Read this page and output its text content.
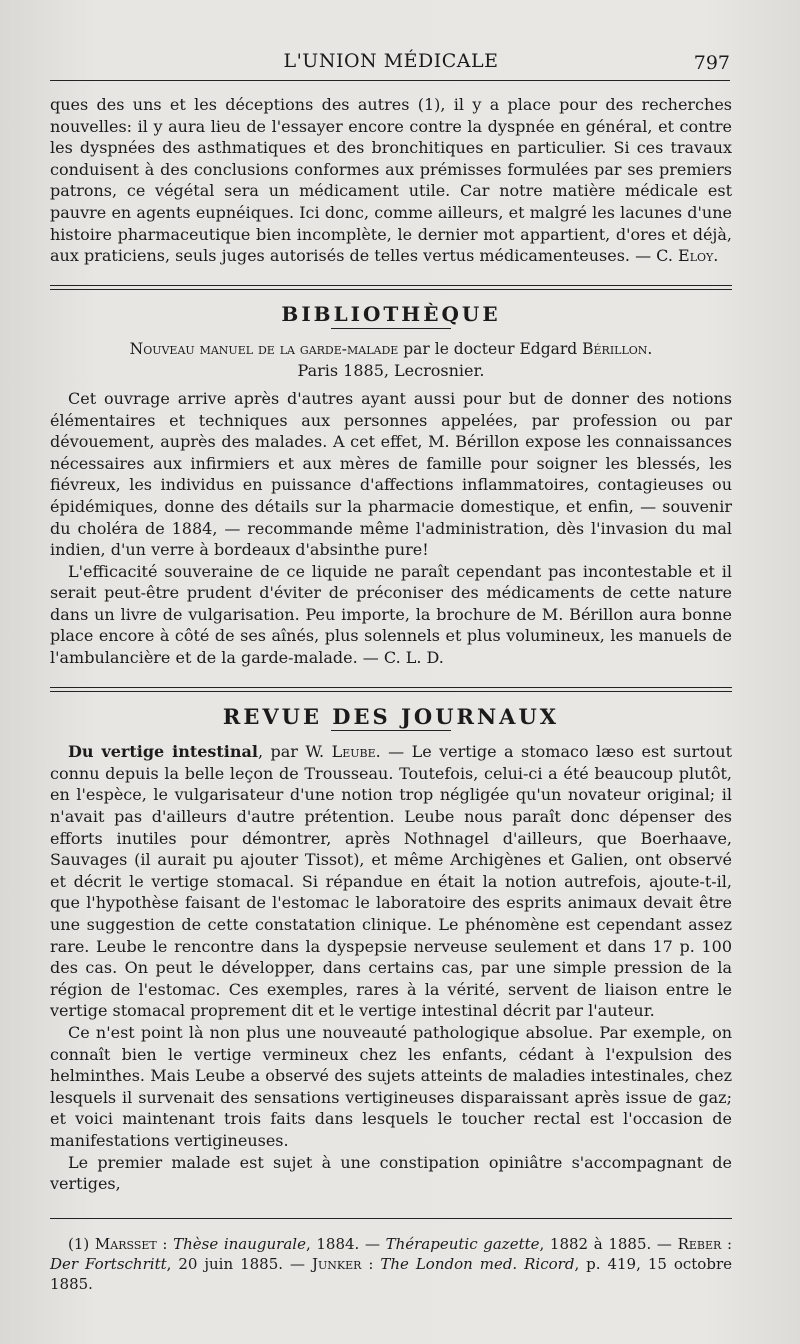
L'UNION MÉDICALE	797

ques des uns et les déceptions des autres (1), il y a place pour des recherches nouvelles: il y aura lieu de l'essayer encore contre la dyspnée en général, et contre les dyspnées des asthmatiques et des bronchitiques en particulier. Si ces travaux conduisent à des conclusions conformes aux prémisses formulées par ses premiers patrons, ce végétal sera un médicament utile. Car notre matière médicale est pauvre en agents eupnéiques. Ici donc, comme ailleurs, et malgré les lacunes d'une histoire pharmaceutique bien incomplète, le dernier mot appartient, d'ores et déjà, aux praticiens, seuls juges autorisés de telles vertus médicamenteuses. — C. Eloy.

BIBLIOTHÈQUE
Nouveau manuel de la garde-malade par le docteur Edgard Bérillon.
Paris 1885, Lecrosnier.

Cet ouvrage arrive après d'autres ayant aussi pour but de donner des notions élémentaires et techniques aux personnes appelées, par profession ou par dévouement, auprès des malades. A cet effet, M. Bérillon expose les connaissances nécessaires aux infirmiers et aux mères de famille pour soigner les blessés, les fiévreux, les individus en puissance d'affections inflammatoires, contagieuses ou épidémiques, donne des détails sur la pharmacie domestique, et enfin, — souvenir du choléra de 1884, — recommande même l'administration, dès l'invasion du mal indien, d'un verre à bordeaux d'absinthe pure!

L'efficacité souveraine de ce liquide ne paraît cependant pas incontestable et il serait peut-être prudent d'éviter de préconiser des médicaments de cette nature dans un livre de vulgarisation. Peu importe, la brochure de M. Bérillon aura bonne place encore à côté de ses aînés, plus solennels et plus volumineux, les manuels de l'ambulancière et de la garde-malade. — C. L. D.

REVUE DES JOURNAUX

Du vertige intestinal, par W. Leube. — Le vertige a stomaco læso est surtout connu depuis la belle leçon de Trousseau. Toutefois, celui-ci a été beaucoup plutôt, en l'espèce, le vulgarisateur d'une notion trop négligée qu'un novateur original; il n'avait pas d'ailleurs d'autre prétention. Leube nous paraît donc dépenser des efforts inutiles pour démontrer, après Nothnagel d'ailleurs, que Boerhaave, Sauvages (il aurait pu ajouter Tissot), et même Archigènes et Galien, ont observé et décrit le vertige stomacal. Si répandue en était la notion autrefois, ajoute-t-il, que l'hypothèse faisant de l'estomac le laboratoire des esprits animaux devait être une suggestion de cette constatation clinique. Le phénomène est cependant assez rare. Leube le rencontre dans la dyspepsie nerveuse seulement et dans 17 p. 100 des cas. On peut le développer, dans certains cas, par une simple pression de la région de l'estomac. Ces exemples, rares à la vérité, servent de liaison entre le vertige stomacal proprement dit et le vertige intestinal décrit par l'auteur.

Ce n'est point là non plus une nouveauté pathologique absolue. Par exemple, on connaît bien le vertige vermineux chez les enfants, cédant à l'expulsion des helminthes. Mais Leube a observé des sujets atteints de maladies intestinales, chez lesquels il survenait des sensations vertigineuses disparaissant après issue de gaz; et voici maintenant trois faits dans lesquels le toucher rectal est l'occasion de manifestations vertigineuses.

Le premier malade est sujet à une constipation opiniâtre s'accompagnant de vertiges,

(1) Marsset : Thèse inaugurale, 1884. — Thérapeutic gazette, 1882 à 1885. — Reber : Der Fortschritt, 20 juin 1885. — Junker : The London med. Ricord, p. 419, 15 octobre 1885.
